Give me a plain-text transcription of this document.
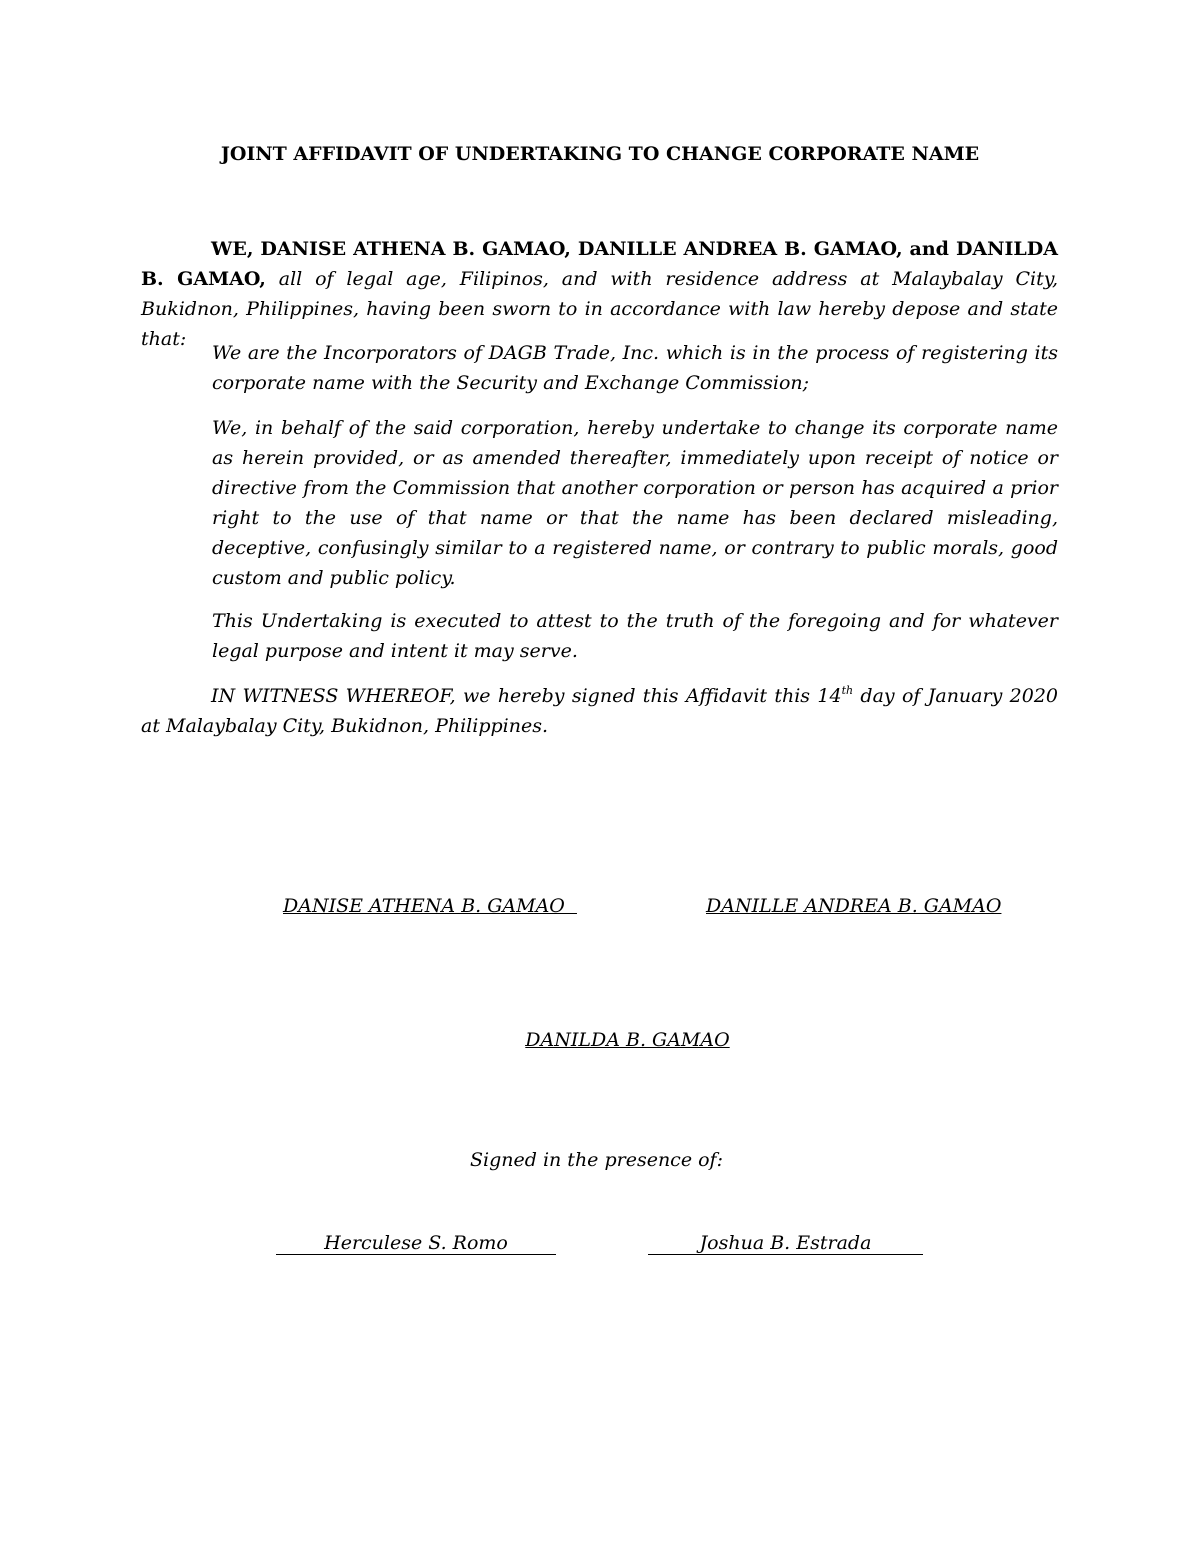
JOINT AFFIDAVIT OF UNDERTAKING TO CHANGE CORPORATE NAME

WE, DANISE ATHENA B. GAMAO, DANILLE ANDREA B. GAMAO, and DANILDA B. GAMAO, all of legal age, Filipinos, and with residence address at Malaybalay City, Bukidnon, Philippines, having been sworn to in accordance with law hereby depose and state that:

We are the Incorporators of DAGB Trade, Inc. which is in the process of registering its corporate name with the Security and Exchange Commission;

We, in behalf of the said corporation, hereby undertake to change its corporate name as herein provided, or as amended thereafter, immediately upon receipt of notice or directive from the Commission that another corporation or person has acquired a prior right to the use of that name or that the name has been declared misleading, deceptive, confusingly similar to a registered name, or contrary to public morals, good custom and public policy.

This Undertaking is executed to attest to the truth of the foregoing and for whatever legal purpose and intent it may serve.

IN WITNESS WHEREOF, we hereby signed this Affidavit this 14th day of January 2020 at Malaybalay City, Bukidnon, Philippines.

DANISE ATHENA B. GAMAO	DANILLE ANDREA B. GAMAO
DANILDA B. GAMAO
Signed in the presence of:
Herculese S. Romo	Joshua B. Estrada
